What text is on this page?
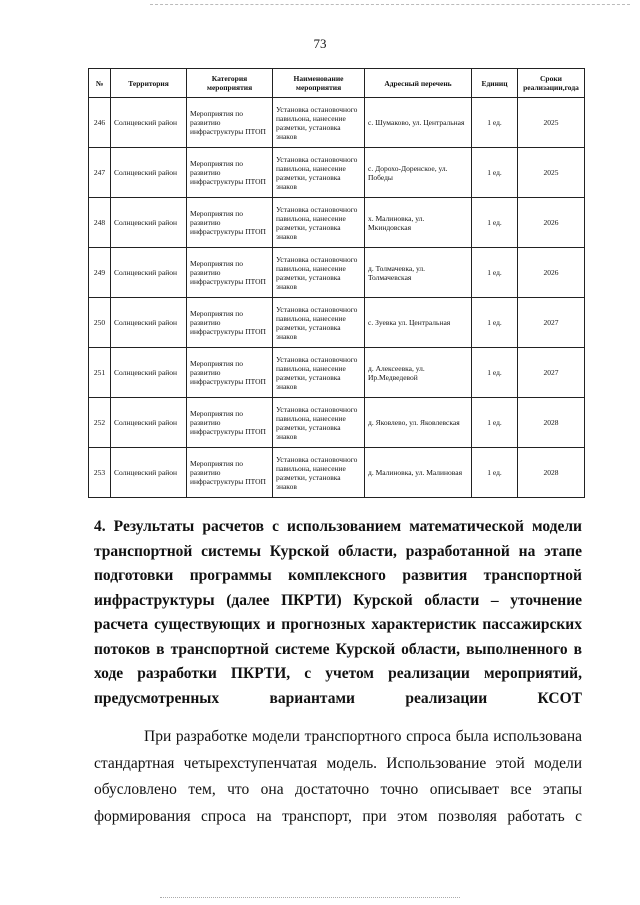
73
№	Территория	Категория мероприятия	Наименование мероприятия	Адресный перечень	Единиц	Сроки реализации,года
246	Солнцевский район	Мероприятия по развитию инфраструктуры ПТОП	Установка остановочного павильона, нанесение разметки, установка знаков	с. Шумаково, ул. Центральная	1 ед.	2025
247	Солнцевский район	Мероприятия по развитию инфраструктуры ПТОП	Установка остановочного павильона, нанесение разметки, установка знаков	с. Дорохо-Доренское, ул. Победы	1 ед.	2025
248	Солнцевский район	Мероприятия по развитию инфраструктуры ПТОП	Установка остановочного павильона, нанесение разметки, установка знаков	х. Малиновка, ул. Мкиндовская	1 ед.	2026
249	Солнцевский район	Мероприятия по развитию инфраструктуры ПТОП	Установка остановочного павильона, нанесение разметки, установка знаков	д. Толмачевка, ул. Толмачевская	1 ед.	2026
250	Солнцевский район	Мероприятия по развитию инфраструктуры ПТОП	Установка остановочного павильона, нанесение разметки, установка знаков	с. Зуевка ул. Центральная	1 ед.	2027
251	Солнцевский район	Мероприятия по развитию инфраструктуры ПТОП	Установка остановочного павильона, нанесение разметки, установка знаков	д. Алексеевка, ул. Ир.Медведевой	1 ед.	2027
252	Солнцевский район	Мероприятия по развитию инфраструктуры ПТОП	Установка остановочного павильона, нанесение разметки, установка знаков	д. Яковлево, ул. Яковлевская	1 ед.	2028
253	Солнцевский район	Мероприятия по развитию инфраструктуры ПТОП	Установка остановочного павильона, нанесение разметки, установка знаков	д. Малиновка, ул. Малиновая	1 ед.	2028
4. Результаты расчетов с использованием математической модели транспортной системы Курской области, разработанной на этапе подготовки программы комплексного развития транспортной инфраструктуры (далее ПКРТИ) Курской области – уточнение расчета существующих и прогнозных характеристик пассажирских потоков в транспортной системе Курской области, выполненного в ходе разработки ПКРТИ, с учетом реализации мероприятий, предусмотренных вариантами реализации КСОТ
При разработке модели транспортного спроса была использована стандартная четырехступенчатая модель. Использование этой модели обусловлено тем, что она достаточно точно описывает все этапы формирования спроса на транспорт, при этом позволяя работать с
